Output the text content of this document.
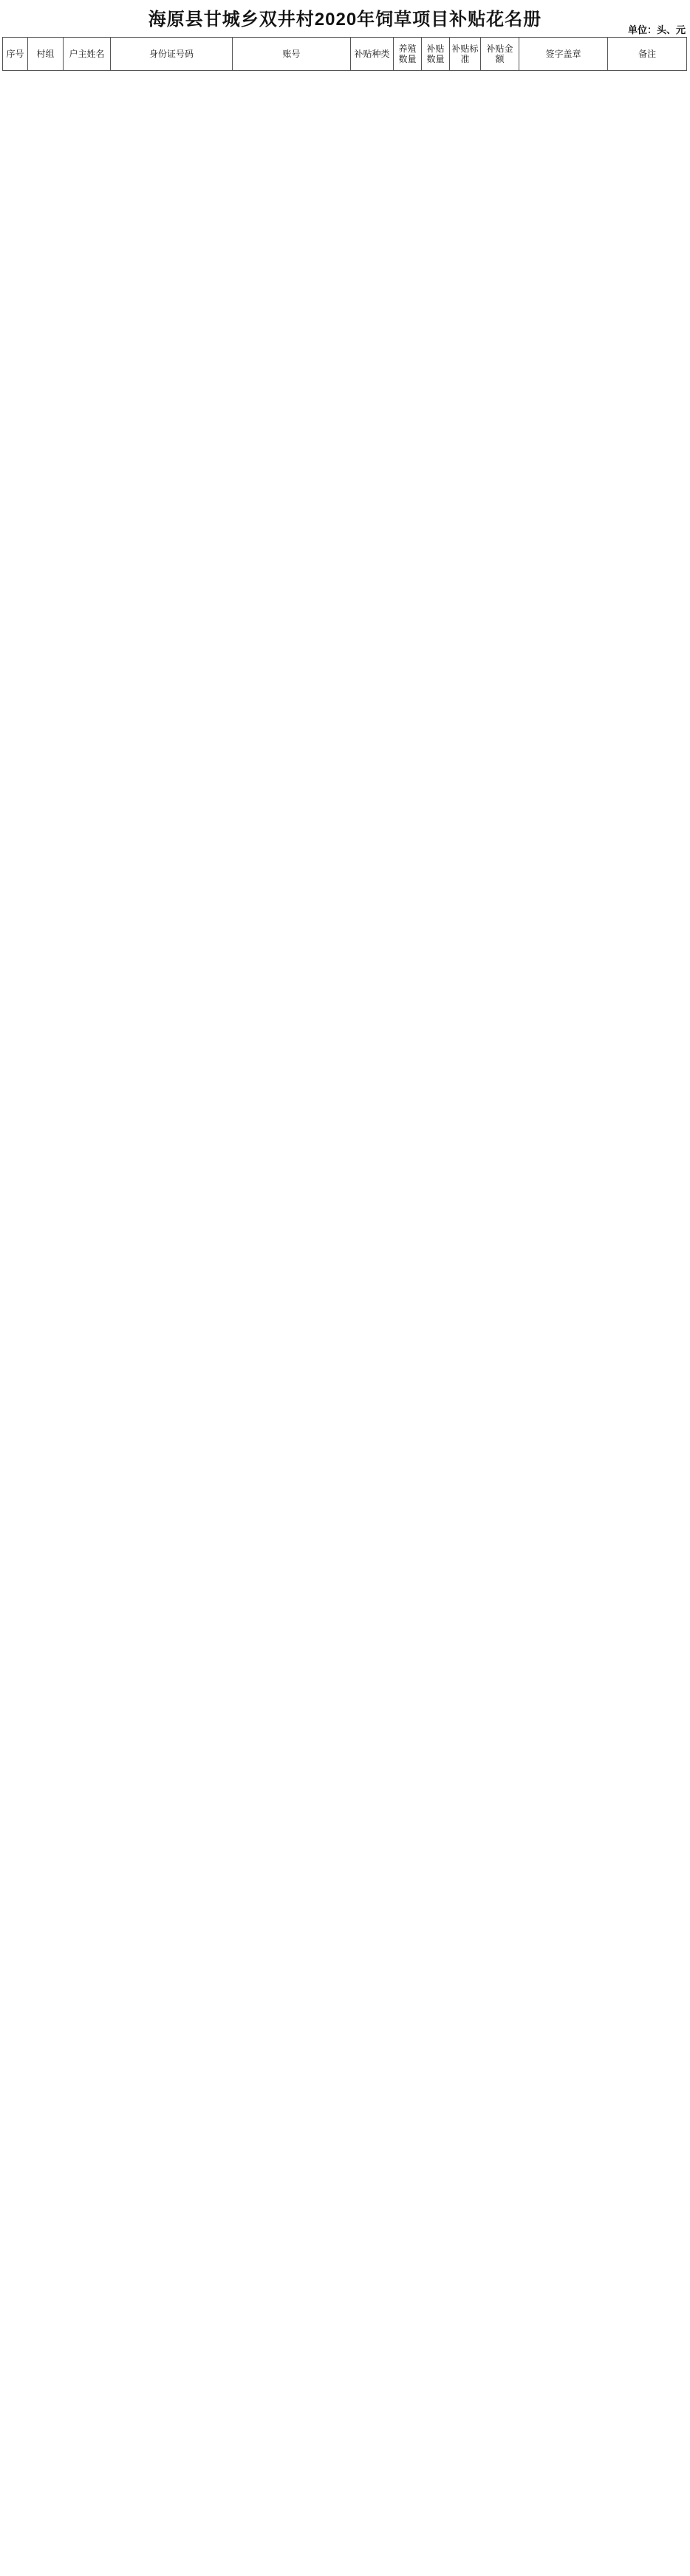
海原县甘城乡双井村2020年饲草项目补贴花名册
单位：头、元
序号	村组	户主姓名	身份证号码	账号	补贴种类	养殖数量	补贴数量	补贴标准	补贴金额	签字盖章	备注
